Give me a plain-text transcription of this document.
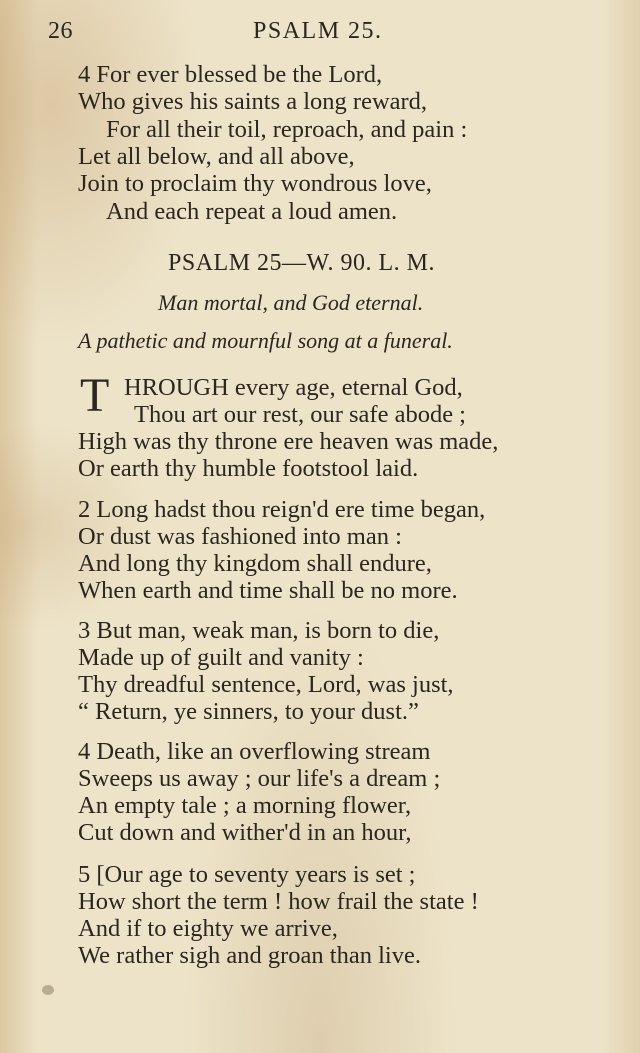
26	PSALM 25.
4 For ever blessed be the Lord,
Who gives his saints a long reward,
For all their toil, reproach, and pain :
Let all below, and all above,
Join to proclaim thy wondrous love,
And each repeat a loud amen.
PSALM 25—W. 90. L. M.
Man mortal, and God eternal.
A pathetic and mournful song at a funeral.
T HROUGH every age, eternal God,
Thou art our rest, our safe abode ;
High was thy throne ere heaven was made,
Or earth thy humble footstool laid.
2 Long hadst thou reign'd ere time began,
Or dust was fashioned into man :
And long thy kingdom shall endure,
When earth and time shall be no more.
3 But man, weak man, is born to die,
Made up of guilt and vanity :
Thy dreadful sentence, Lord, was just,
“ Return, ye sinners, to your dust.”
4 Death, like an overflowing stream
Sweeps us away ; our life's a dream ;
An empty tale ; a morning flower,
Cut down and wither'd in an hour,
5 [Our age to seventy years is set ;
How short the term ! how frail the state !
And if to eighty we arrive,
We rather sigh and groan than live.
